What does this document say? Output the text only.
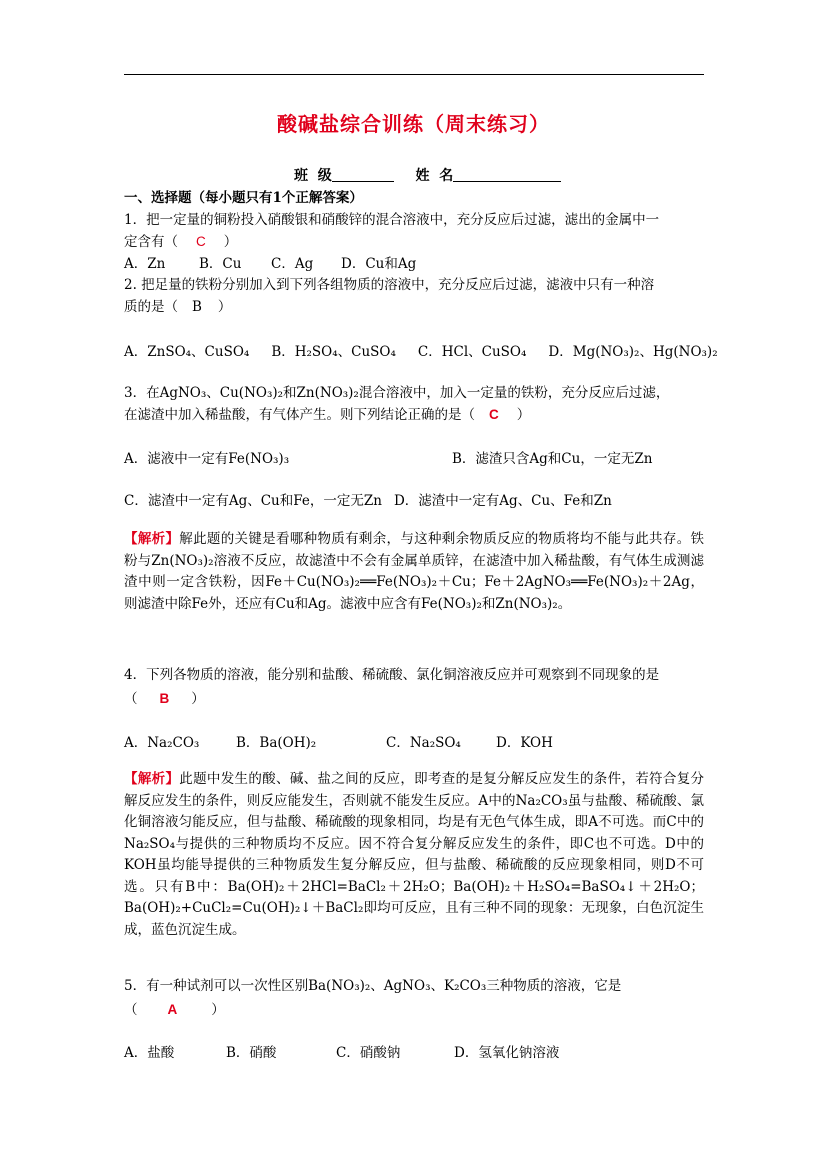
酸碱盐综合训练（周末练习）
班  级	姓  名
一、选择题（每小题只有1个正解答案）
1．把一定量的铜粉投入硝酸银和硝酸锌的混合溶液中，充分反应后过滤，滤出的金属中一
定含有（ C ）
A．Zn B．Cu C．Ag D．Cu和Ag
2. 把足量的铁粉分别加入到下列各组物质的溶液中，充分反应后过滤，滤液中只有一种溶
质的是（ B ）
A．ZnSO₄、CuSO₄ B．H₂SO₄、CuSO₄ C．HCl、CuSO₄ D．Mg(NO₃)₂、Hg(NO₃)₂
3．在AgNO₃、Cu(NO₃)₂和Zn(NO₃)₂混合溶液中，加入一定量的铁粉，充分反应后过滤，
在滤渣中加入稀盐酸，有气体产生。则下列结论正确的是（ C ）
A．滤液中一定有Fe(NO₃)₃	B．滤渣只含Ag和Cu，一定无Zn
C．滤渣中一定有Ag、Cu和Fe，一定无Zn D．滤渣中一定有Ag、Cu、Fe和Zn
【解析】解此题的关键是看哪种物质有剩余，与这种剩余物质反应的物质将均不能与此共存。铁粉与Zn(NO₃)₂溶液不反应，故滤渣中不会有金属单质锌，在滤渣中加入稀盐酸，有气体生成测滤渣中则一定含铁粉，因Fe＋Cu(NO₃)₂══Fe(NO₃)₂＋Cu；Fe＋2AgNO₃══Fe(NO₃)₂＋2Ag，则滤渣中除Fe外，还应有Cu和Ag。滤液中应含有Fe(NO₃)₂和Zn(NO₃)₂。
4．下列各物质的溶液，能分别和盐酸、稀硫酸、氯化铜溶液反应并可观察到不同现象的是
（ B ）
A．Na₂CO₃	B．Ba(OH)₂	C．Na₂SO₄	D．KOH
【解析】此题中发生的酸、碱、盐之间的反应，即考查的是复分解反应发生的条件，若符合复分解反应发生的条件，则反应能发生，否则就不能发生反应。A中的Na₂CO₃虽与盐酸、稀硫酸、氯化铜溶液匀能反应，但与盐酸、稀硫酸的现象相同，均是有无色气体生成，即A不可选。而C中的Na₂SO₄与提供的三种物质均不反应。因不符合复分解反应发生的条件，即C也不可选。D中的KOH虽均能导提供的三种物质发生复分解反应，但与盐酸、稀硫酸的反应现象相同，则D不可选。只有B中：Ba(OH)₂＋2HCl=BaCl₂＋2H₂O；Ba(OH)₂＋H₂SO₄=BaSO₄↓＋2H₂O；Ba(OH)₂+CuCl₂=Cu(OH)₂↓＋BaCl₂即均可反应，且有三种不同的现象：无现象，白色沉淀生成，蓝色沉淀生成。
5．有一种试剂可以一次性区别Ba(NO₃)₂、AgNO₃、K₂CO₃三种物质的溶液，它是
（ A	）
A．盐酸	B．硝酸	C．硝酸钠	D．氢氧化钠溶液
